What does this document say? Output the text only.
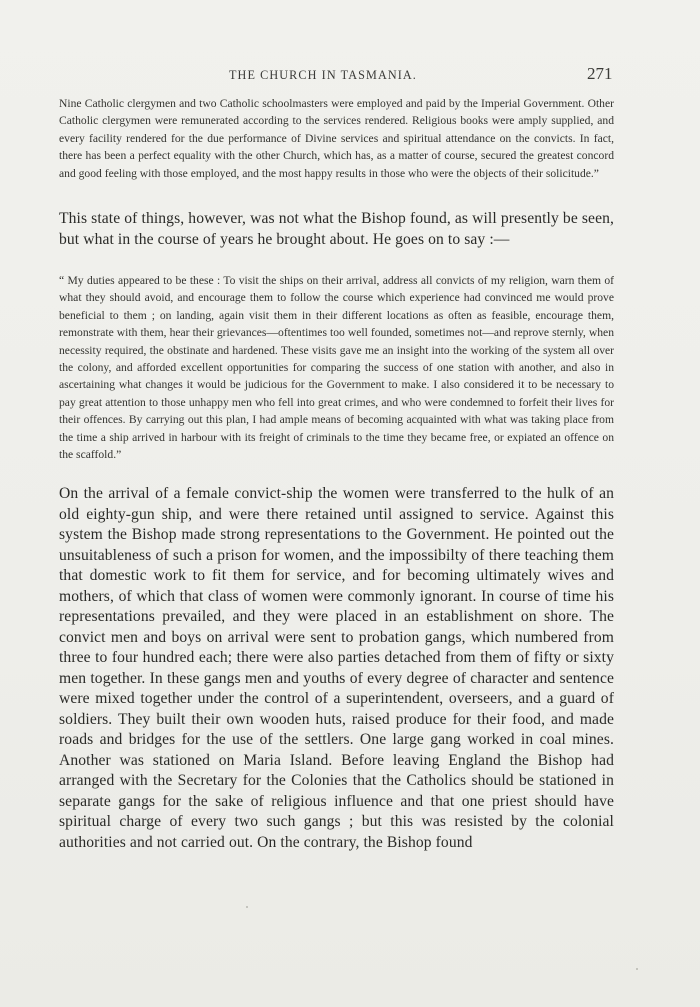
THE CHURCH IN TASMANIA.	271

Nine Catholic clergymen and two Catholic schoolmasters were employed and paid by the Imperial Government. Other Catholic clergymen were remunerated according to the services rendered. Religious books were amply supplied, and every facility rendered for the due performance of Divine services and spiritual attendance on the convicts. In fact, there has been a perfect equality with the other Church, which has, as a matter of course, secured the greatest concord and good feeling with those employed, and the most happy results in those who were the objects of their solicitude.”

This state of things, however, was not what the Bishop found, as will presently be seen, but what in the course of years he brought about. He goes on to say :—

“ My duties appeared to be these : To visit the ships on their arrival, address all convicts of my religion, warn them of what they should avoid, and encourage them to follow the course which experience had convinced me would prove beneficial to them ; on landing, again visit them in their different locations as often as feasible, encourage them, remonstrate with them, hear their grievances—oftentimes too well founded, sometimes not—and reprove sternly, when necessity required, the obstinate and hardened. These visits gave me an insight into the working of the system all over the colony, and afforded excellent opportunities for comparing the success of one station with another, and also in ascertaining what changes it would be judicious for the Government to make. I also considered it to be necessary to pay great attention to those unhappy men who fell into great crimes, and who were condemned to forfeit their lives for their offences. By carrying out this plan, I had ample means of becoming acquainted with what was taking place from the time a ship arrived in harbour with its freight of criminals to the time they became free, or expiated an offence on the scaffold.”

On the arrival of a female convict-ship the women were transferred to the hulk of an old eighty-gun ship, and were there retained until assigned to service. Against this system the Bishop made strong representations to the Government. He pointed out the unsuitableness of such a prison for women, and the impossibilty of there teaching them that domestic work to fit them for service, and for becoming ultimately wives and mothers, of which that class of women were commonly ignorant. In course of time his representations prevailed, and they were placed in an establishment on shore. The convict men and boys on arrival were sent to probation gangs, which numbered from three to four hundred each; there were also parties detached from them of fifty or sixty men together. In these gangs men and youths of every degree of character and sentence were mixed together under the control of a superintendent, overseers, and a guard of soldiers. They built their own wooden huts, raised produce for their food, and made roads and bridges for the use of the settlers. One large gang worked in coal mines. Another was stationed on Maria Island. Before leaving England the Bishop had arranged with the Secretary for the Colonies that the Catholics should be stationed in separate gangs for the sake of religious influence and that one priest should have spiritual charge of every two such gangs ; but this was resisted by the colonial authorities and not carried out. On the contrary, the Bishop found
